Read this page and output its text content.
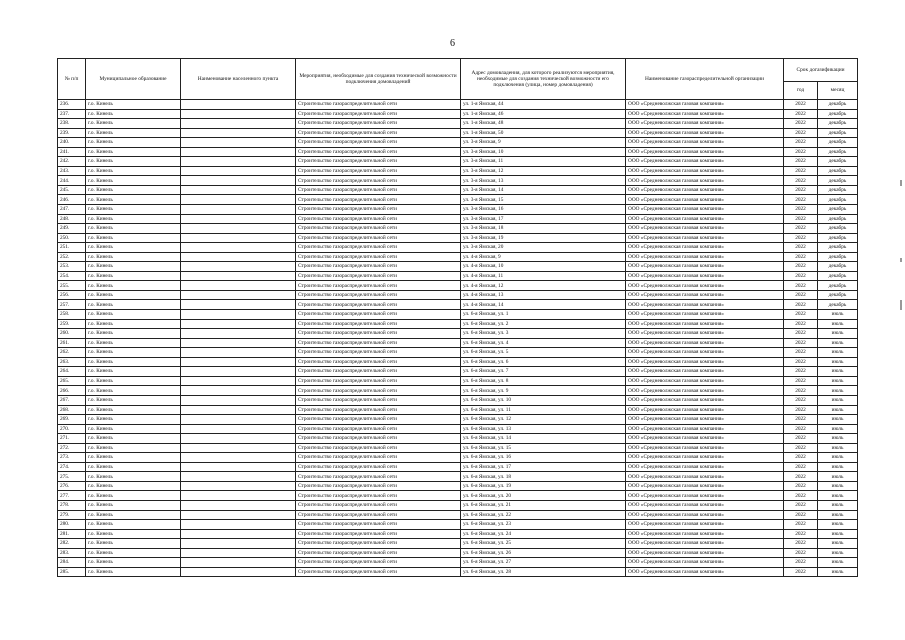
6
№ п/п	Муниципальное образование	Наименование населенного пункта	Мероприятия, необходимые для создания технической возможности подключения домовладений	Адрес домовладения, для которого реализуются мероприятия, необходимые для создания технической возможности его подключения (улица, номер домовладения)	Наименование газораспределительной организации	Срок догазификации	
						год	месяц
236.	г.о. Кинель		Строительство газораспределительной сети	ул. 1-я Ямская, 44	ООО «Средневолжская газовая компания»	2022	декабрь
237.	г.о. Кинель		Строительство газораспределительной сети	ул. 1-я Ямская, 46	ООО «Средневолжская газовая компания»	2022	декабрь
238.	г.о. Кинель		Строительство газораспределительной сети	ул. 1-я Ямская, 48	ООО «Средневолжская газовая компания»	2022	декабрь
239.	г.о. Кинель		Строительство газораспределительной сети	ул. 1-я Ямская, 50	ООО «Средневолжская газовая компания»	2022	декабрь
240.	г.о. Кинель		Строительство газораспределительной сети	ул. 3-я Ямская, 9	ООО «Средневолжская газовая компания»	2022	декабрь
241.	г.о. Кинель		Строительство газораспределительной сети	ул. 3-я Ямская, 10	ООО «Средневолжская газовая компания»	2022	декабрь
242.	г.о. Кинель		Строительство газораспределительной сети	ул. 3-я Ямская, 11	ООО «Средневолжская газовая компания»	2022	декабрь
243.	г.о. Кинель		Строительство газораспределительной сети	ул. 3-я Ямская, 12	ООО «Средневолжская газовая компания»	2022	декабрь
244.	г.о. Кинель		Строительство газораспределительной сети	ул. 3-я Ямская, 13	ООО «Средневолжская газовая компания»	2022	декабрь
245.	г.о. Кинель		Строительство газораспределительной сети	ул. 3-я Ямская, 14	ООО «Средневолжская газовая компания»	2022	декабрь
246.	г.о. Кинель		Строительство газораспределительной сети	ул. 3-я Ямская, 15	ООО «Средневолжская газовая компания»	2022	декабрь
247.	г.о. Кинель		Строительство газораспределительной сети	ул. 3-я Ямская, 16	ООО «Средневолжская газовая компания»	2022	декабрь
248.	г.о. Кинель		Строительство газораспределительной сети	ул. 3-я Ямская, 17	ООО «Средневолжская газовая компания»	2022	декабрь
249.	г.о. Кинель		Строительство газораспределительной сети	ул. 3-я Ямская, 18	ООО «Средневолжская газовая компания»	2022	декабрь
250.	г.о. Кинель		Строительство газораспределительной сети	ул. 3-я Ямская, 19	ООО «Средневолжская газовая компания»	2022	декабрь
251.	г.о. Кинель		Строительство газораспределительной сети	ул. 3-я Ямская, 20	ООО «Средневолжская газовая компания»	2022	декабрь
252.	г.о. Кинель		Строительство газораспределительной сети	ул. 4-я Ямская, 9	ООО «Средневолжская газовая компания»	2022	декабрь
253.	г.о. Кинель		Строительство газораспределительной сети	ул. 4-я Ямская, 10	ООО «Средневолжская газовая компания»	2022	декабрь
254.	г.о. Кинель		Строительство газораспределительной сети	ул. 4-я Ямская, 11	ООО «Средневолжская газовая компания»	2022	декабрь
255.	г.о. Кинель		Строительство газораспределительной сети	ул. 4-я Ямская, 12	ООО «Средневолжская газовая компания»	2022	декабрь
256.	г.о. Кинель		Строительство газораспределительной сети	ул. 4-я Ямская, 13	ООО «Средневолжская газовая компания»	2022	декабрь
257.	г.о. Кинель		Строительство газораспределительной сети	ул. 4-я Ямская, 14	ООО «Средневолжская газовая компания»	2022	декабрь
258.	г.о. Кинель		Строительство газораспределительной сети	ул. 6-я Ямская, ул. 1	ООО «Средневолжская газовая компания»	2022	июль
259.	г.о. Кинель		Строительство газораспределительной сети	ул. 6-я Ямская, ул. 2	ООО «Средневолжская газовая компания»	2022	июль
260.	г.о. Кинель		Строительство газораспределительной сети	ул. 6-я Ямская, ул. 3	ООО «Средневолжская газовая компания»	2022	июль
261.	г.о. Кинель		Строительство газораспределительной сети	ул. 6-я Ямская, ул. 4	ООО «Средневолжская газовая компания»	2022	июль
262.	г.о. Кинель		Строительство газораспределительной сети	ул. 6-я Ямская, ул. 5	ООО «Средневолжская газовая компания»	2022	июль
263.	г.о. Кинель		Строительство газораспределительной сети	ул. 6-я Ямская, ул. 6	ООО «Средневолжская газовая компания»	2022	июль
264.	г.о. Кинель		Строительство газораспределительной сети	ул. 6-я Ямская, ул. 7	ООО «Средневолжская газовая компания»	2022	июль
265.	г.о. Кинель		Строительство газораспределительной сети	ул. 6-я Ямская, ул. 8	ООО «Средневолжская газовая компания»	2022	июль
266.	г.о. Кинель		Строительство газораспределительной сети	ул. 6-я Ямская, ул. 9	ООО «Средневолжская газовая компания»	2022	июль
267.	г.о. Кинель		Строительство газораспределительной сети	ул. 6-я Ямская, ул. 10	ООО «Средневолжская газовая компания»	2022	июль
268.	г.о. Кинель		Строительство газораспределительной сети	ул. 6-я Ямская, ул. 11	ООО «Средневолжская газовая компания»	2022	июль
269.	г.о. Кинель		Строительство газораспределительной сети	ул. 6-я Ямская, ул. 12	ООО «Средневолжская газовая компания»	2022	июль
270.	г.о. Кинель		Строительство газораспределительной сети	ул. 6-я Ямская, ул. 13	ООО «Средневолжская газовая компания»	2022	июль
271.	г.о. Кинель		Строительство газораспределительной сети	ул. 6-я Ямская, ул. 14	ООО «Средневолжская газовая компания»	2022	июль
272.	г.о. Кинель		Строительство газораспределительной сети	ул. 6-я Ямская, ул. 15	ООО «Средневолжская газовая компания»	2022	июль
273.	г.о. Кинель		Строительство газораспределительной сети	ул. 6-я Ямская, ул. 16	ООО «Средневолжская газовая компания»	2022	июль
274.	г.о. Кинель		Строительство газораспределительной сети	ул. 6-я Ямская, ул. 17	ООО «Средневолжская газовая компания»	2022	июль
275.	г.о. Кинель		Строительство газораспределительной сети	ул. 6-я Ямская, ул. 18	ООО «Средневолжская газовая компания»	2022	июль
276.	г.о. Кинель		Строительство газораспределительной сети	ул. 6-я Ямская, ул. 19	ООО «Средневолжская газовая компания»	2022	июль
277.	г.о. Кинель		Строительство газораспределительной сети	ул. 6-я Ямская, ул. 20	ООО «Средневолжская газовая компания»	2022	июль
278.	г.о. Кинель		Строительство газораспределительной сети	ул. 6-я Ямская, ул. 21	ООО «Средневолжская газовая компания»	2022	июль
279.	г.о. Кинель		Строительство газораспределительной сети	ул. 6-я Ямская, ул. 22	ООО «Средневолжская газовая компания»	2022	июль
280.	г.о. Кинель		Строительство газораспределительной сети	ул. 6-я Ямская, ул. 23	ООО «Средневолжская газовая компания»	2022	июль
281.	г.о. Кинель		Строительство газораспределительной сети	ул. 6-я Ямская, ул. 24	ООО «Средневолжская газовая компания»	2022	июль
282.	г.о. Кинель		Строительство газораспределительной сети	ул. 6-я Ямская, ул. 25	ООО «Средневолжская газовая компания»	2022	июль
283.	г.о. Кинель		Строительство газораспределительной сети	ул. 6-я Ямская, ул. 26	ООО «Средневолжская газовая компания»	2022	июль
284.	г.о. Кинель		Строительство газораспределительной сети	ул. 6-я Ямская, ул. 27	ООО «Средневолжская газовая компания»	2022	июль
285.	г.о. Кинель		Строительство газораспределительной сети	ул. 6-я Ямская, ул. 28	ООО «Средневолжская газовая компания»	2022	июль
